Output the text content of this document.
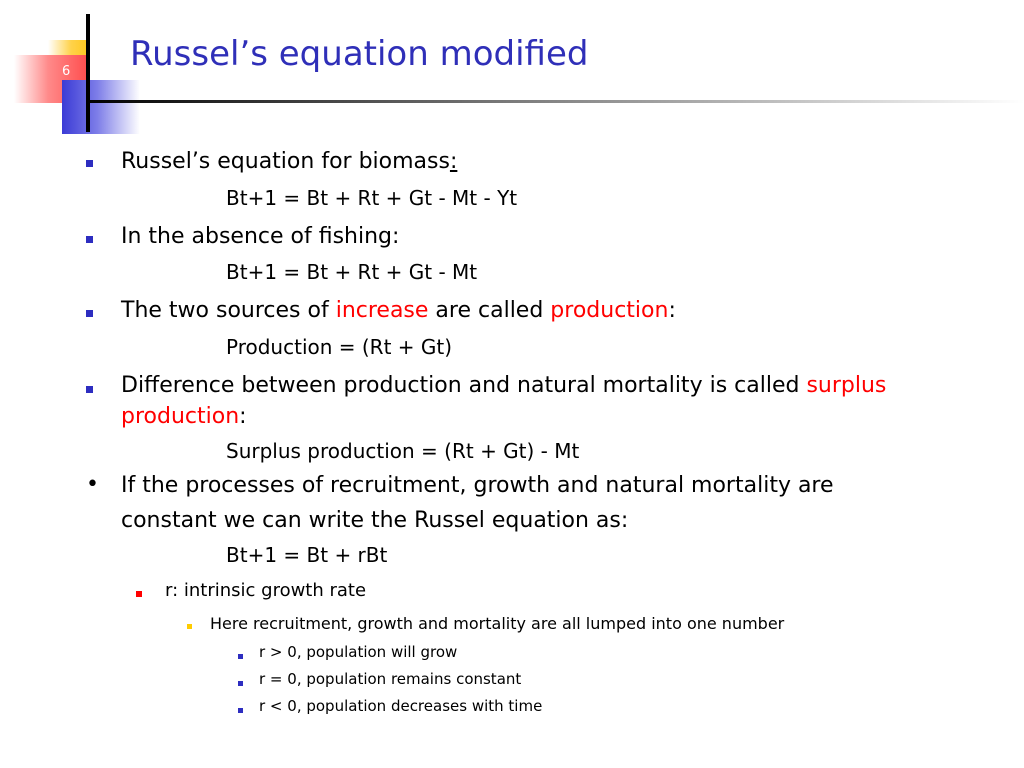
6 Russel’s equation modified
Russel’s equation for biomass:
Bt+1 = Bt + Rt + Gt - Mt - Yt
In the absence of fishing:
Bt+1 = Bt + Rt + Gt - Mt
The two sources of increase are called production:
Production = (Rt + Gt)
Difference between production and natural mortality is called surplus
production:
Surplus production = (Rt + Gt) - Mt
• If the processes of recruitment, growth and natural mortality are
constant we can write the Russel equation as:
Bt+1 = Bt + rBt
r: intrinsic growth rate
Here recruitment, growth and mortality are all lumped into one number
r > 0, population will grow
r = 0, population remains constant
r < 0, population decreases with time
